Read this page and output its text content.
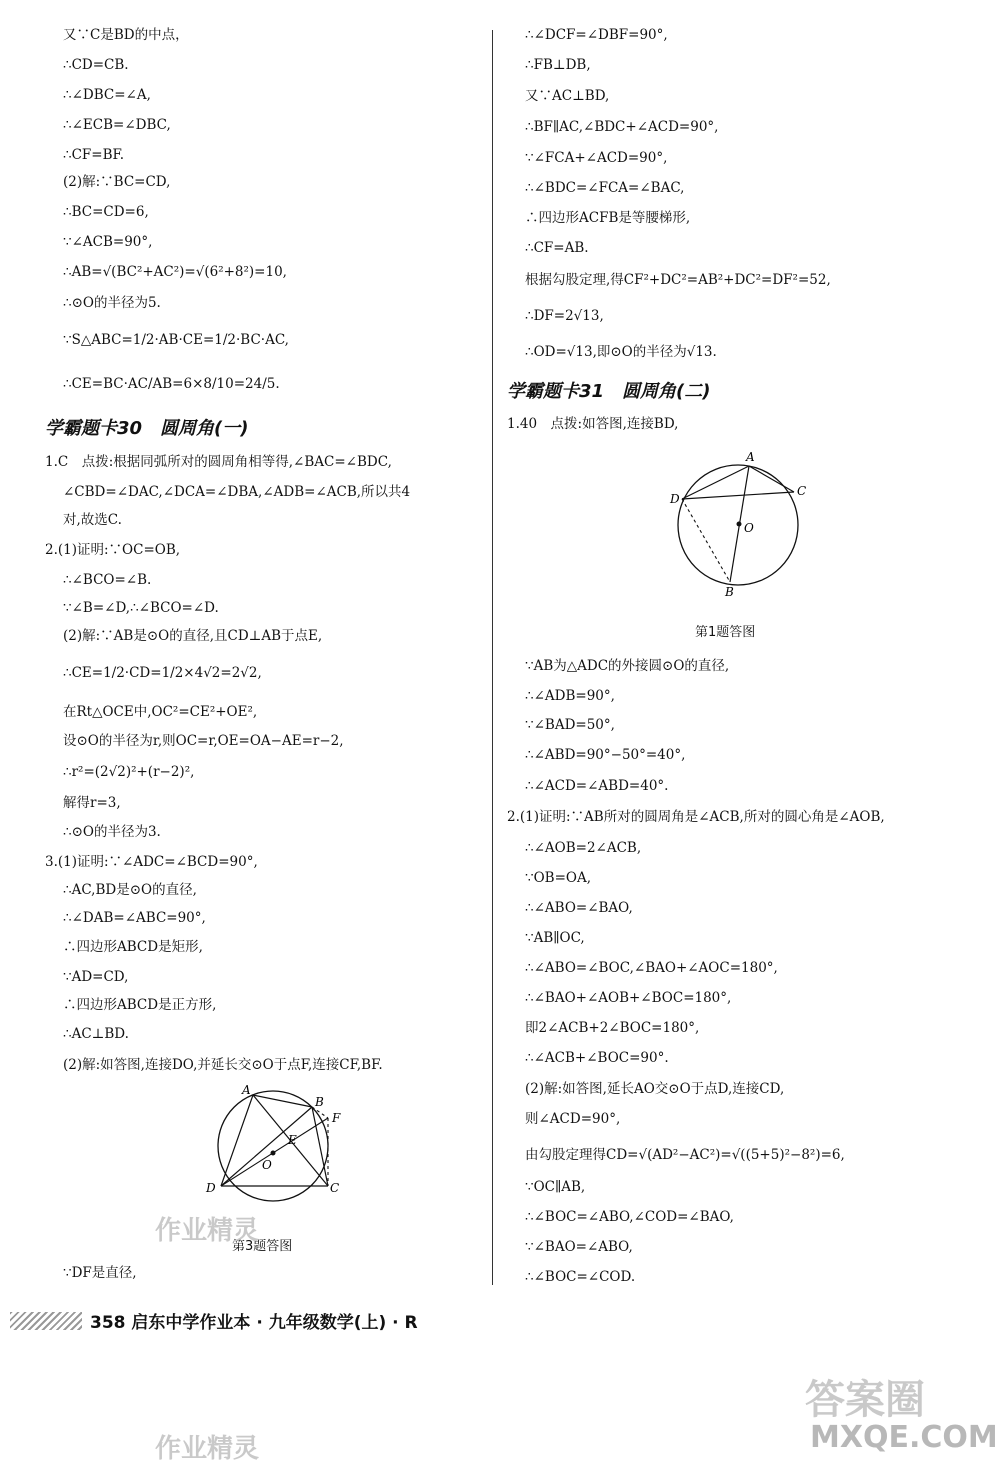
又∵C是BD的中点，
∴CD=CB.
∴∠DBC=∠A,
∴∠ECB=∠DBC,
∴CF=BF.
(2)解:∵BC=CD,
∴BC=CD=6,
∵∠ACB=90°,
∴AB=√(BC²+AC²)=√(6²+8²)=10,
∴⊙O的半径为5.
∵S△ABC=1/2·AB·CE=1/2·BC·AC,
∴CE=BC·AC/AB=6×8/10=24/5.
1.C　点拨:根据同弧所对的圆周角相等得,∠BAC=∠BDC,
∠CBD=∠DAC,∠DCA=∠DBA,∠ADB=∠ACB,所以共4
对,故选C.
2.(1)证明:∵OC=OB,
∴∠BCO=∠B.
∵∠B=∠D,∴∠BCO=∠D.
(2)解:∵AB是⊙O的直径,且CD⊥AB于点E,
∴CE=1/2·CD=1/2×4√2=2√2,
在Rt△OCE中,OC²=CE²+OE²,
设⊙O的半径为r,则OC=r,OE=OA−AE=r−2,
∴r²=(2√2)²+(r−2)²,
解得r=3,
∴⊙O的半径为3.
3.(1)证明:∵∠ADC=∠BCD=90°,
∴AC,BD是⊙O的直径,
∴∠DAB=∠ABC=90°,
∴四边形ABCD是矩形,
∵AD=CD,
∴四边形ABCD是正方形,
∴AC⊥BD.
(2)解:如答图,连接DO,并延长交⊙O于点F,连接CF,BF.
∵DF是直径,
∴∠DCF=∠DBF=90°,
∴FB⊥DB,
又∵AC⊥BD,
∴BF∥AC,∠BDC+∠ACD=90°,
∵∠FCA+∠ACD=90°,
∴∠BDC=∠FCA=∠BAC,
∴四边形ACFB是等腰梯形,
∴CF=AB.
根据勾股定理,得CF²+DC²=AB²+DC²=DF²=52,
∴DF=2√13,
∴OD=√13,即⊙O的半径为√13.
1.40　点拨:如答图,连接BD,
∵AB为△ADC的外接圆⊙O的直径,
∴∠ADB=90°,
∵∠BAD=50°,
∴∠ABD=90°−50°=40°,
∴∠ACD=∠ABD=40°.
2.(1)证明:∵AB所对的圆周角是∠ACB,所对的圆心角是∠AOB,
∴∠AOB=2∠ACB,
∵OB=OA,
∴∠ABO=∠BAO,
∵AB∥OC,
∴∠ABO=∠BOC,∠BAO+∠AOC=180°,
∴∠BAO+∠AOB+∠BOC=180°,
即2∠ACB+2∠BOC=180°,
∴∠ACB+∠BOC=90°.
(2)解:如答图,延长AO交⊙O于点D,连接CD,
则∠ACD=90°,
由勾股定理得CD=√(AD²−AC²)=√((5+5)²−8²)=6,
∵OC∥AB,
∴∠BOC=∠ABO,∠COD=∠BAO,
∵∠BAO=∠ABO,
∴∠BOC=∠COD.
学霸题卡30　圆周角(一)
学霸题卡31　圆周角(二)
A
C
D
O
B
第1题答图
A
B
F
E
O
D	C
第3题答图
作业精灵
作业精灵
答案圈
MXQE.COM
358 启东中学作业本 · 九年级数学(上) · R
